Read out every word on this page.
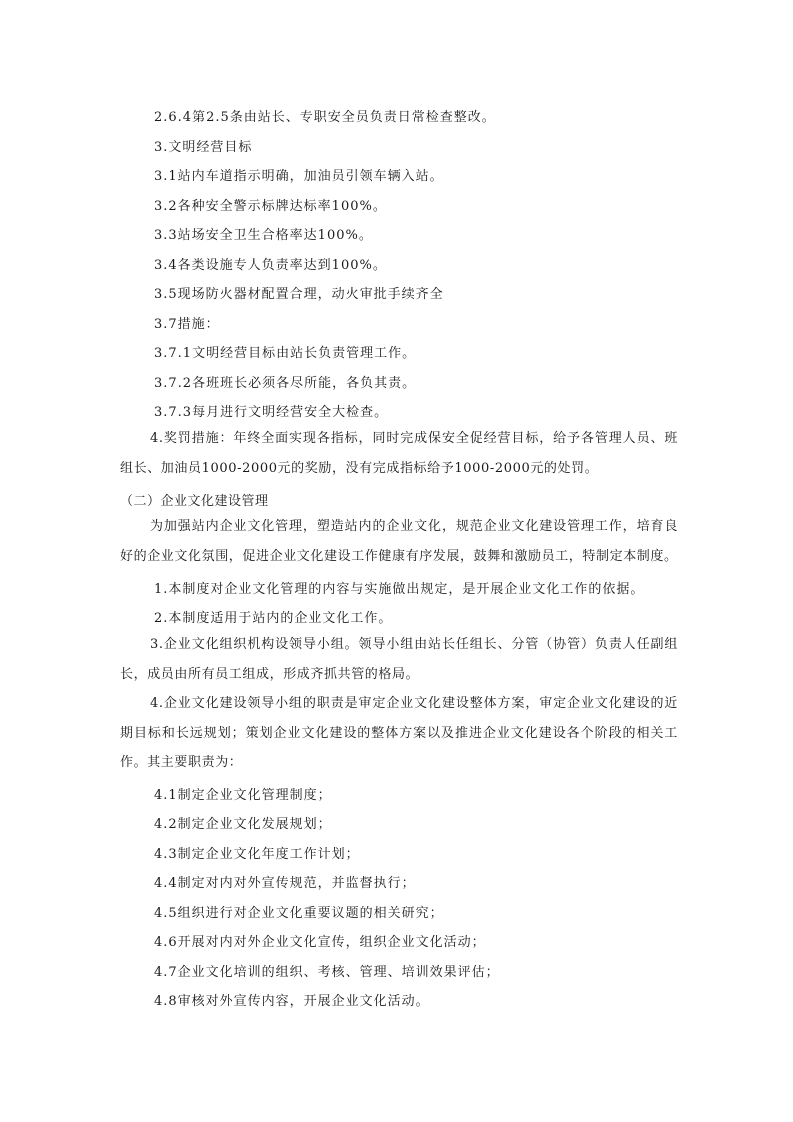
2.6.4第2.5条由站长、专职安全员负责日常检查整改。
3.文明经营目标
3.1站内车道指示明确，加油员引领车辆入站。
3.2各种安全警示标牌达标率100%。
3.3站场安全卫生合格率达100%。
3.4各类设施专人负责率达到100%。
3.5现场防火器材配置合理，动火审批手续齐全
3.7措施：
3.7.1文明经营目标由站长负责管理工作。
3.7.2各班班长必须各尽所能，各负其责。
3.7.3每月进行文明经营安全大检查。
4.奖罚措施：年终全面实现各指标，同时完成保安全促经营目标，给予各管理人员、班组长、加油员1000-2000元的奖励，没有完成指标给予1000-2000元的处罚。
（二）企业文化建设管理
为加强站内企业文化管理，塑造站内的企业文化，规范企业文化建设管理工作，培育良好的企业文化氛围，促进企业文化建设工作健康有序发展，鼓舞和激励员工，特制定本制度。
1.本制度对企业文化管理的内容与实施做出规定，是开展企业文化工作的依据。
2.本制度适用于站内的企业文化工作。
3.企业文化组织机构设领导小组。领导小组由站长任组长、分管（协管）负责人任副组长，成员由所有员工组成，形成齐抓共管的格局。
4.企业文化建设领导小组的职责是审定企业文化建设整体方案，审定企业文化建设的近期目标和长远规划；策划企业文化建设的整体方案以及推进企业文化建设各个阶段的相关工作。其主要职责为：
4.1制定企业文化管理制度；
4.2制定企业文化发展规划；
4.3制定企业文化年度工作计划；
4.4制定对内对外宣传规范，并监督执行；
4.5组织进行对企业文化重要议题的相关研究；
4.6开展对内对外企业文化宣传，组织企业文化活动；
4.7企业文化培训的组织、考核、管理、培训效果评估；
4.8审核对外宣传内容，开展企业文化活动。
